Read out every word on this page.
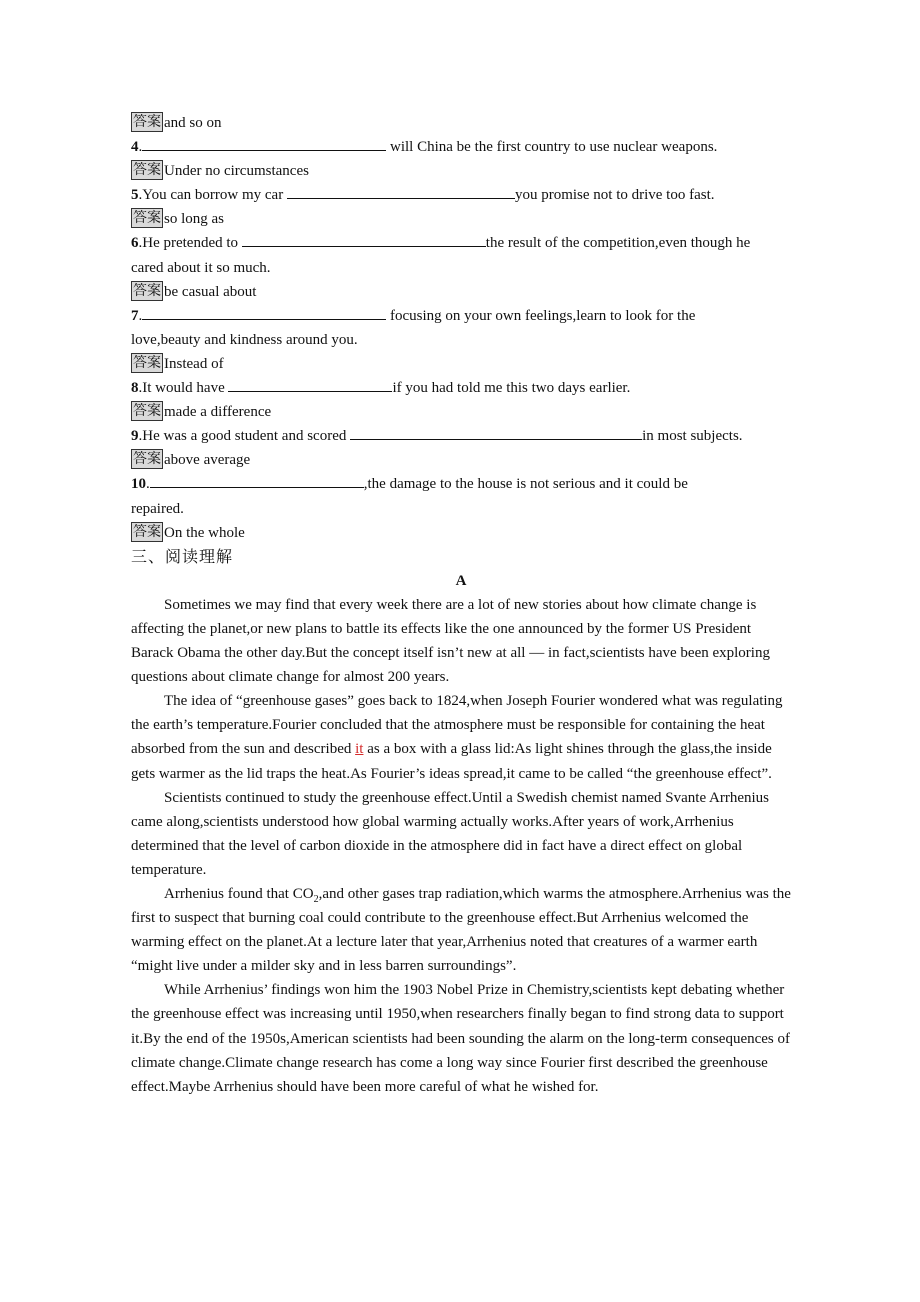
答案 and so on
4.	will China be the first country to use nuclear weapons.
答案 Under no circumstances
5.You can borrow my car	you promise not to drive too fast.
答案 so long as
6.He pretended to	the result of the competition,even though he
cared about it so much.
答案 be casual about
7.	focusing on your own feelings,learn to look for the
love,beauty and kindness around you.
答案 Instead of
8.It would have	if you had told me this two days earlier.
答案 made a difference
9.He was a good student and scored	in most subjects.
答案 above average
10.	,the damage to the house is not serious and it could be
repaired.
答案 On the whole
三、阅读理解
A

Sometimes we may find that every week there are a lot of new stories about how climate change is affecting the planet,or new plans to battle its effects like the one announced by the former US President Barack Obama the other day.But the concept itself isn’t new at all — in fact,scientists have been exploring questions about climate change for almost 200 years.

The idea of “greenhouse gases” goes back to 1824,when Joseph Fourier wondered what was regulating the earth’s temperature.Fourier concluded that the atmosphere must be responsible for containing the heat absorbed from the sun and described it as a box with a glass lid:As light shines through the glass,the inside gets warmer as the lid traps the heat.As Fourier’s ideas spread,it came to be called “the greenhouse effect”.

Scientists continued to study the greenhouse effect.Until a Swedish chemist named Svante Arrhenius came along,scientists understood how global warming actually works.After years of work,Arrhenius determined that the level of carbon dioxide in the atmosphere did in fact have a direct effect on global temperature.

Arrhenius found that $CO_2,and$ other gases trap radiation,which warms the atmosphere.Arrhenius was the first to suspect that burning coal could contribute to the greenhouse effect.But Arrhenius welcomed the warming effect on the planet.At a lecture later that year,Arrhenius noted that creatures of a warmer earth “might live under a milder sky and in less barren surroundings”.

While Arrhenius’ findings won him the 1903 Nobel Prize in Chemistry,scientists kept debating whether the greenhouse effect was increasing until 1950,when researchers finally began to find strong data to support it.By the end of the 1950s,American scientists had been sounding the alarm on the long-term consequences of climate change.Climate change research has come a long way since Fourier first described the greenhouse effect.Maybe Arrhenius should have been more careful of what he wished for.
